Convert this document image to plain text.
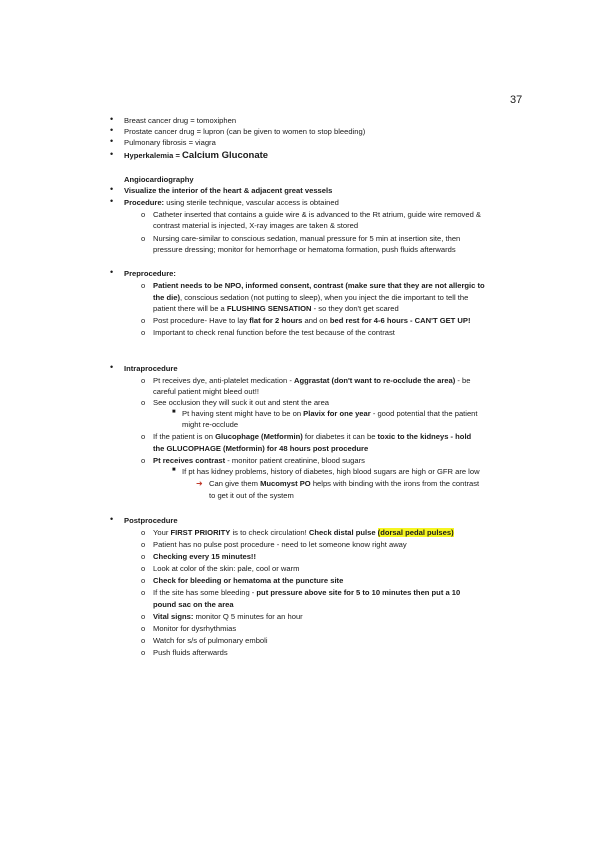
37
• Breast cancer drug = tomoxiphen
• Prostate cancer drug = lupron (can be given to women to stop bleeding)
• Pulmonary fibrosis = viagra
• Hyperkalemia = Calcium Gluconate
Angiocardiography
• Visualize the interior of the heart & adjacent great vessels
• Procedure: using sterile technique, vascular access is obtained
o Catheter inserted that contains a guide wire & is advanced to the Rt atrium, guide wire removed &
contrast material is injected, X-ray images are taken & stored
o Nursing care-similar to conscious sedation, manual pressure for 5 min at insertion site, then
pressure dressing; monitor for hemorrhage or hematoma formation, push fluids afterwards
• Preprocedure:
o Patient needs to be NPO, informed consent, contrast (make sure that they are not allergic to
the die), conscious sedation (not putting to sleep), when you inject the die important to tell the
patient there will be a FLUSHING SENSATION - so they don't get scared
o Post procedure- Have to lay flat for 2 hours and on bed rest for 4-6 hours - CAN'T GET UP!
o Important to check renal function before the test because of the contrast
• Intraprocedure
o Pt receives dye, anti-platelet medication - Aggrastat (don't want to re-occlude the area) - be
careful patient might bleed out!!
o See occlusion they will suck it out and stent the area
■ Pt having stent might have to be on Plavix for one year - good potential that the patient
might re-occlude
o If the patient is on Glucophage (Metformin) for diabetes it can be toxic to the kidneys - hold
the GLUCOPHAGE (Metformin) for 48 hours post procedure
o Pt receives contrast - monitor patient creatinine, blood sugars
■ If pt has kidney problems, history of diabetes, high blood sugars are high or GFR are low
➜ Can give them Mucomyst PO helps with binding with the irons from the contrast
to get it out of the system
• Postprocedure
o Your FIRST PRIORITY is to check circulation! Check distal pulse (dorsal pedal pulses)
o Patient has no pulse post procedure - need to let someone know right away
o Checking every 15 minutes!!
o Look at color of the skin: pale, cool or warm
o Check for bleeding or hematoma at the puncture site
o If the site has some bleeding - put pressure above site for 5 to 10 minutes then put a 10
pound sac on the area
o Vital signs: monitor Q 5 minutes for an hour
o Monitor for dysrhythmias
o Watch for s/s of pulmonary emboli
o Push fluids afterwards
